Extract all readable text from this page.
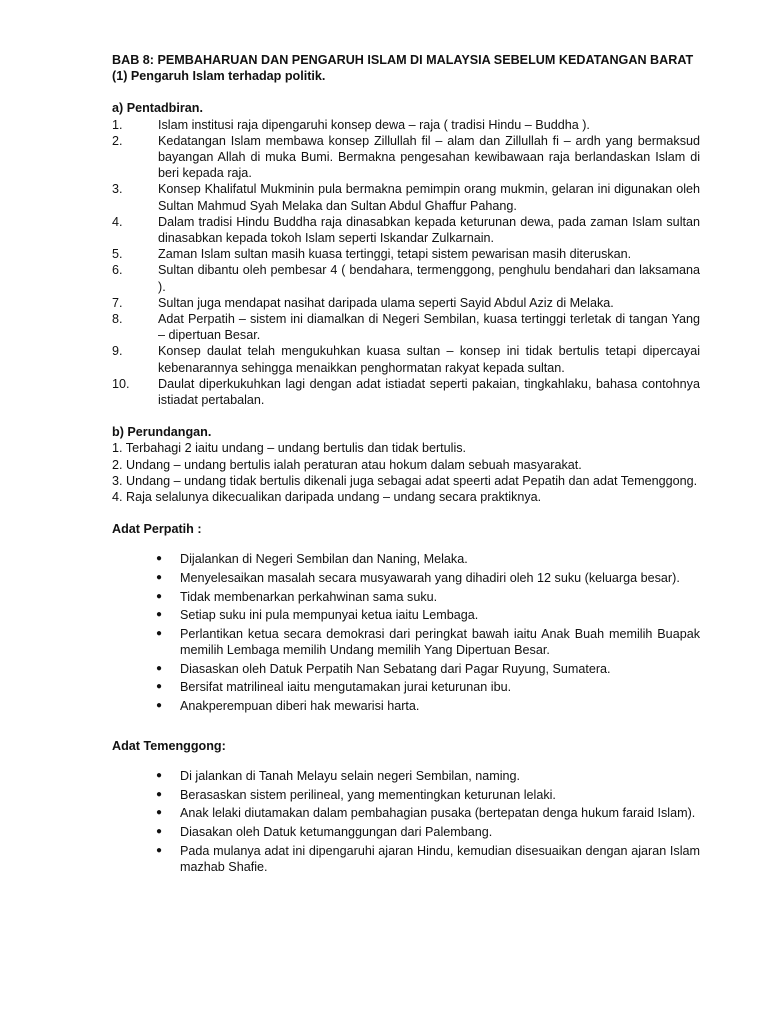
BAB 8: PEMBAHARUAN DAN PENGARUH ISLAM DI MALAYSIA SEBELUM KEDATANGAN BARAT
(1) Pengaruh Islam terhadap politik.
a) Pentadbiran.
1.	Islam institusi raja dipengaruhi konsep dewa – raja ( tradisi Hindu – Buddha ).
2.	Kedatangan Islam membawa konsep Zillullah fil – alam dan Zillullah fi – ardh yang bermaksud bayangan Allah di muka Bumi. Bermakna pengesahan kewibawaan raja berlandaskan Islam di beri kepada raja.
3.	Konsep Khalifatul Mukminin pula bermakna pemimpin orang mukmin, gelaran ini digunakan oleh Sultan Mahmud Syah Melaka dan Sultan Abdul Ghaffur Pahang.
4.	Dalam tradisi Hindu Buddha raja dinasabkan kepada keturunan dewa, pada zaman Islam sultan dinasabkan kepada tokoh Islam seperti Iskandar Zulkarnain.
5.	Zaman Islam sultan masih kuasa tertinggi, tetapi sistem pewarisan masih diteruskan.
6.	Sultan dibantu oleh pembesar 4 ( bendahara, termenggong, penghulu bendahari dan laksamana ).
7.	Sultan juga mendapat nasihat daripada ulama seperti Sayid Abdul Aziz di Melaka.
8.	Adat Perpatih – sistem ini diamalkan di Negeri Sembilan, kuasa tertinggi terletak di tangan Yang – dipertuan Besar.
9.	Konsep daulat telah mengukuhkan kuasa sultan – konsep ini tidak bertulis tetapi dipercayai kebenarannya sehingga menaikkan penghormatan rakyat kepada sultan.
10.	Daulat diperkukuhkan lagi dengan adat istiadat seperti pakaian, tingkahlaku, bahasa contohnya istiadat pertabalan.
b) Perundangan.
1. Terbahagi 2 iaitu undang – undang bertulis dan tidak bertulis.
2. Undang – undang bertulis ialah peraturan atau hokum dalam sebuah masyarakat.
3. Undang – undang tidak bertulis dikenali juga sebagai adat speerti adat Pepatih dan adat Temenggong.
4. Raja selalunya dikecualikan daripada undang – undang secara praktiknya.
Adat Perpatih :
●	Dijalankan di Negeri Sembilan dan Naning, Melaka.
●	Menyelesaikan masalah secara musyawarah yang dihadiri oleh 12 suku (keluarga besar).
●	Tidak membenarkan perkahwinan sama suku.
●	Setiap suku ini pula mempunyai ketua iaitu Lembaga.
●	Perlantikan ketua secara demokrasi dari peringkat bawah iaitu Anak Buah memilih Buapak memilih Lembaga memilih Undang memilih Yang Dipertuan Besar.
●	Diasaskan oleh Datuk Perpatih Nan Sebatang dari Pagar Ruyung, Sumatera.
●	Bersifat matrilineal iaitu mengutamakan jurai keturunan ibu.
●	Anakperempuan diberi hak mewarisi harta.
Adat Temenggong:
●	Di jalankan di Tanah Melayu selain negeri Sembilan, naming.
●	Berasaskan sistem perilineal, yang mementingkan keturunan lelaki.
●	Anak lelaki diutamakan dalam pembahagian pusaka (bertepatan denga hukum faraid Islam).
●	Diasakan oleh Datuk ketumanggungan dari Palembang.
●	Pada mulanya adat ini dipengaruhi ajaran Hindu, kemudian disesuaikan dengan ajaran Islam mazhab Shafie.
